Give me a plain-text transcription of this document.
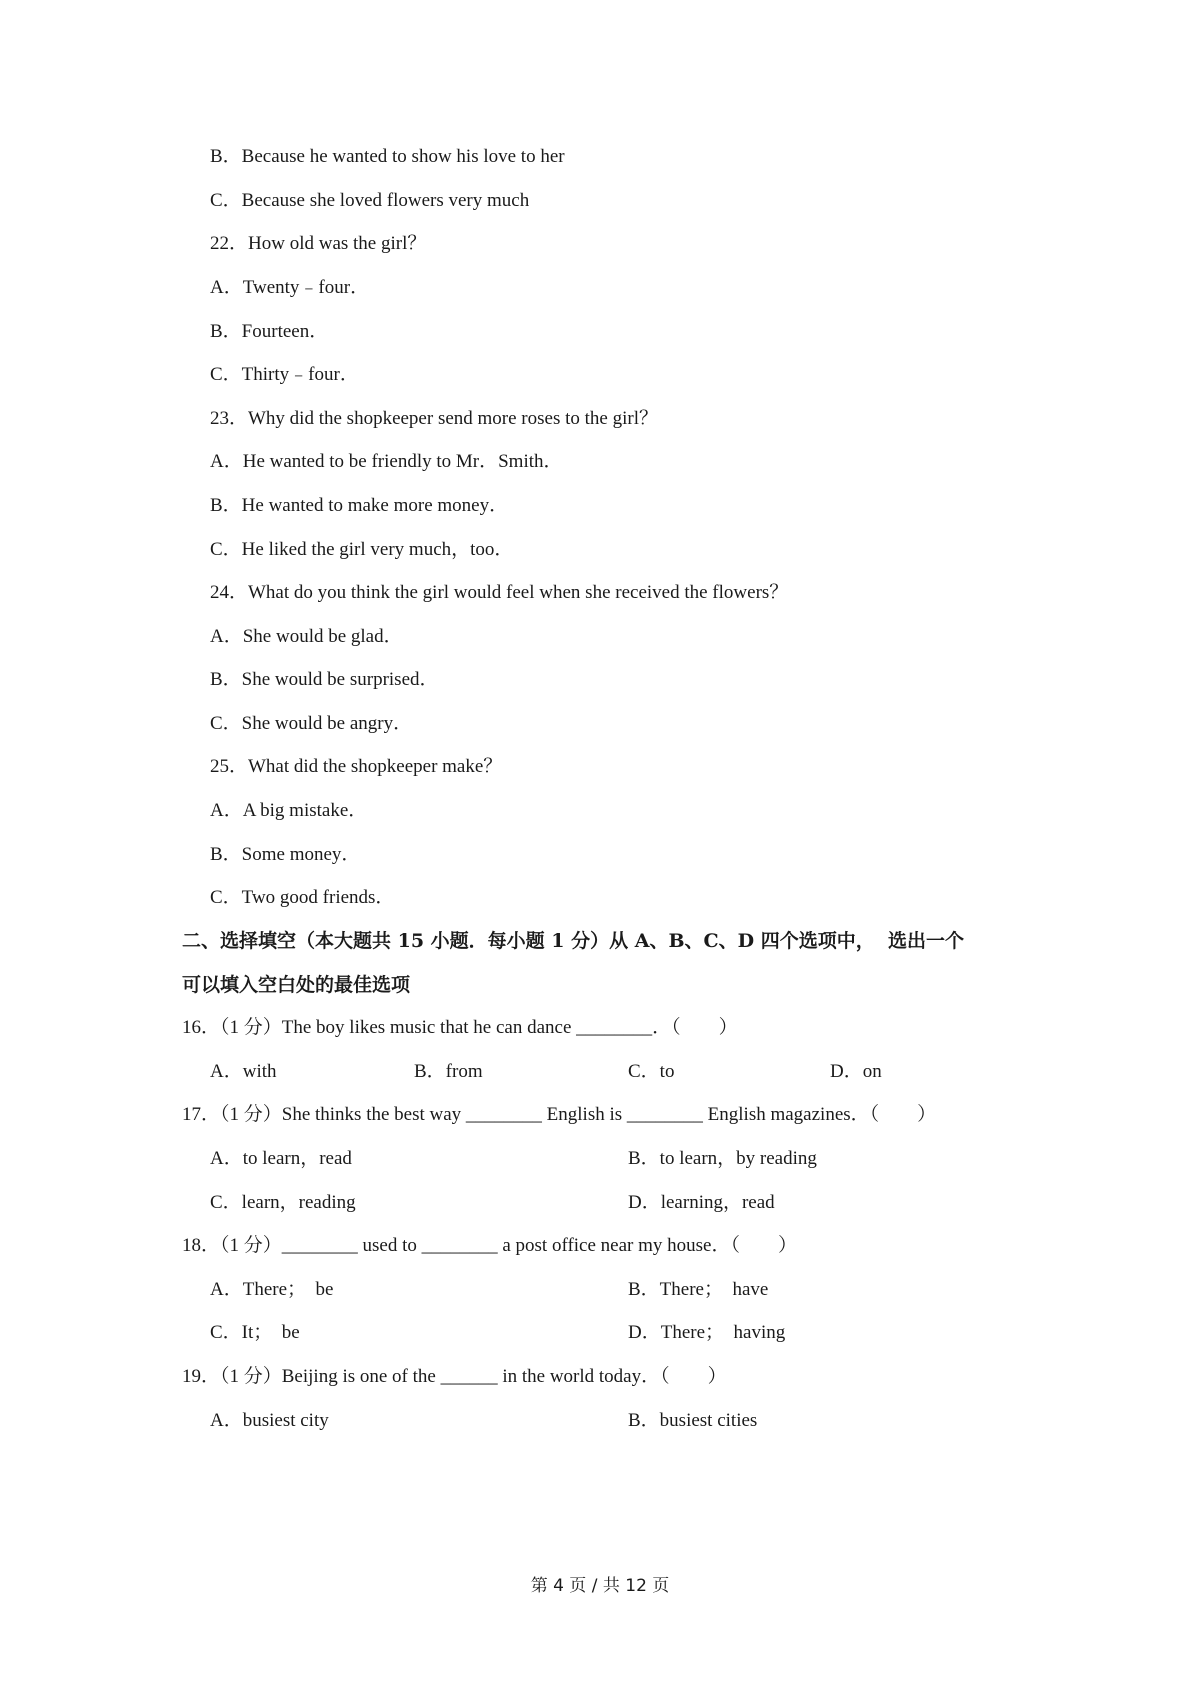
B．Because he wanted to show his love to her
C．Because she loved flowers very much
22．How old was the girl？
A．Twenty﹣four．
B．Fourteen．
C．Thirty﹣four．
23．Why did the shopkeeper send more roses to the girl？
A．He wanted to be friendly to Mr．Smith．
B．He wanted to make more money．
C．He liked the girl very much，too．
24．What do you think the girl would feel when she received the flowers？
A．She would be glad．
B．She would be surprised．
C．She would be angry．
25．What did the shopkeeper make？
A．A big mistake．
B．Some money．
C．Two good friends．
二、选择填空（本大题共 15 小题．每小题 1 分）从 A、B、C、D 四个选项中，  选出一个
可以填入空白处的最佳选项
16．（1 分）The boy likes music that he can dance ________．（　　）
A．with	B．from	C．to	D．on
17．（1 分）She thinks the best way ________ English is ________ English magazines．（　　）
A．to learn，read	B．to learn，by reading
C．learn，reading	D．learning，read
18．（1 分）________ used to ________ a post office near my house．（　　）
A．There；  be	B．There；  have
C．It；  be	D．There；  having
19．（1 分）Beijing is one of the ______ in the world today．（　　）
A．busiest city	B．busiest cities
第 4 页 / 共 12 页
